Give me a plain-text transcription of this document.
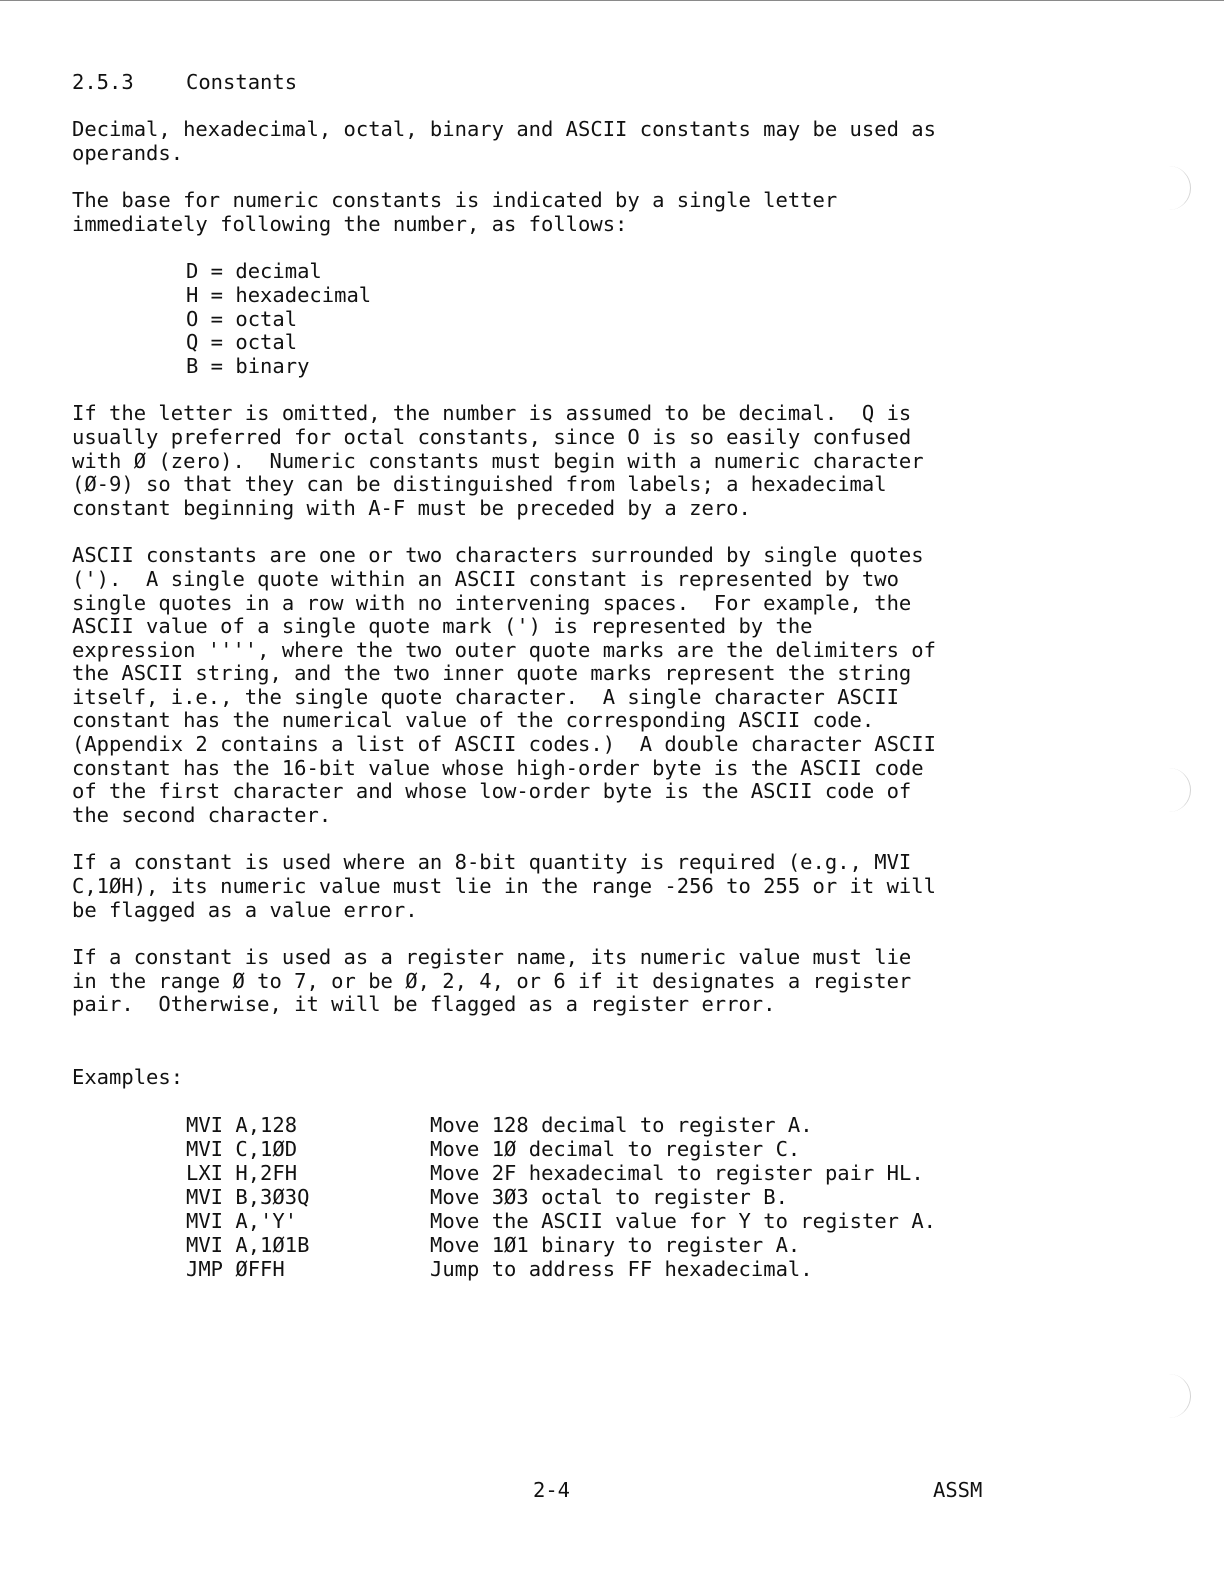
2.5.3	Constants

Decimal, hexadecimal, octal, binary and ASCII constants may be used as
operands.

The base for numeric constants is indicated by a single letter
immediately following the number, as follows:

D = decimal
H = hexadecimal
O = octal
Q = octal
B = binary

If the letter is omitted, the number is assumed to be decimal.  Q is
usually preferred for octal constants, since O is so easily confused
with Ø (zero).  Numeric constants must begin with a numeric character
(Ø-9) so that they can be distinguished from labels; a hexadecimal
constant beginning with A-F must be preceded by a zero.

ASCII constants are one or two characters surrounded by single quotes
(').  A single quote within an ASCII constant is represented by two
single quotes in a row with no intervening spaces.  For example, the
ASCII value of a single quote mark (') is represented by the
expression '''', where the two outer quote marks are the delimiters of
the ASCII string, and the two inner quote marks represent the string
itself, i.e., the single quote character.  A single character ASCII
constant has the numerical value of the corresponding ASCII code.
(Appendix 2 contains a list of ASCII codes.)  A double character ASCII
constant has the 16-bit value whose high-order byte is the ASCII code
of the first character and whose low-order byte is the ASCII code of
the second character.

If a constant is used where an 8-bit quantity is required (e.g., MVI
C,1ØH), its numeric value must lie in the range -256 to 255 or it will
be flagged as a value error.

If a constant is used as a register name, its numeric value must lie
in the range Ø to 7, or be Ø, 2, 4, or 6 if it designates a register
pair.  Otherwise, it will be flagged as a register error.

Examples:
MVI A,128	Move 128 decimal to register A.
MVI C,1ØD	Move 1Ø decimal to register C.
LXI H,2FH	Move 2F hexadecimal to register pair HL.
MVI B,3Ø3Q	Move 3Ø3 octal to register B.
MVI A,'Y'	Move the ASCII value for Y to register A.
MVI A,1Ø1B	Move 1Ø1 binary to register A.
JMP ØFFH	Jump to address FF hexadecimal.
2-4	ASSM
